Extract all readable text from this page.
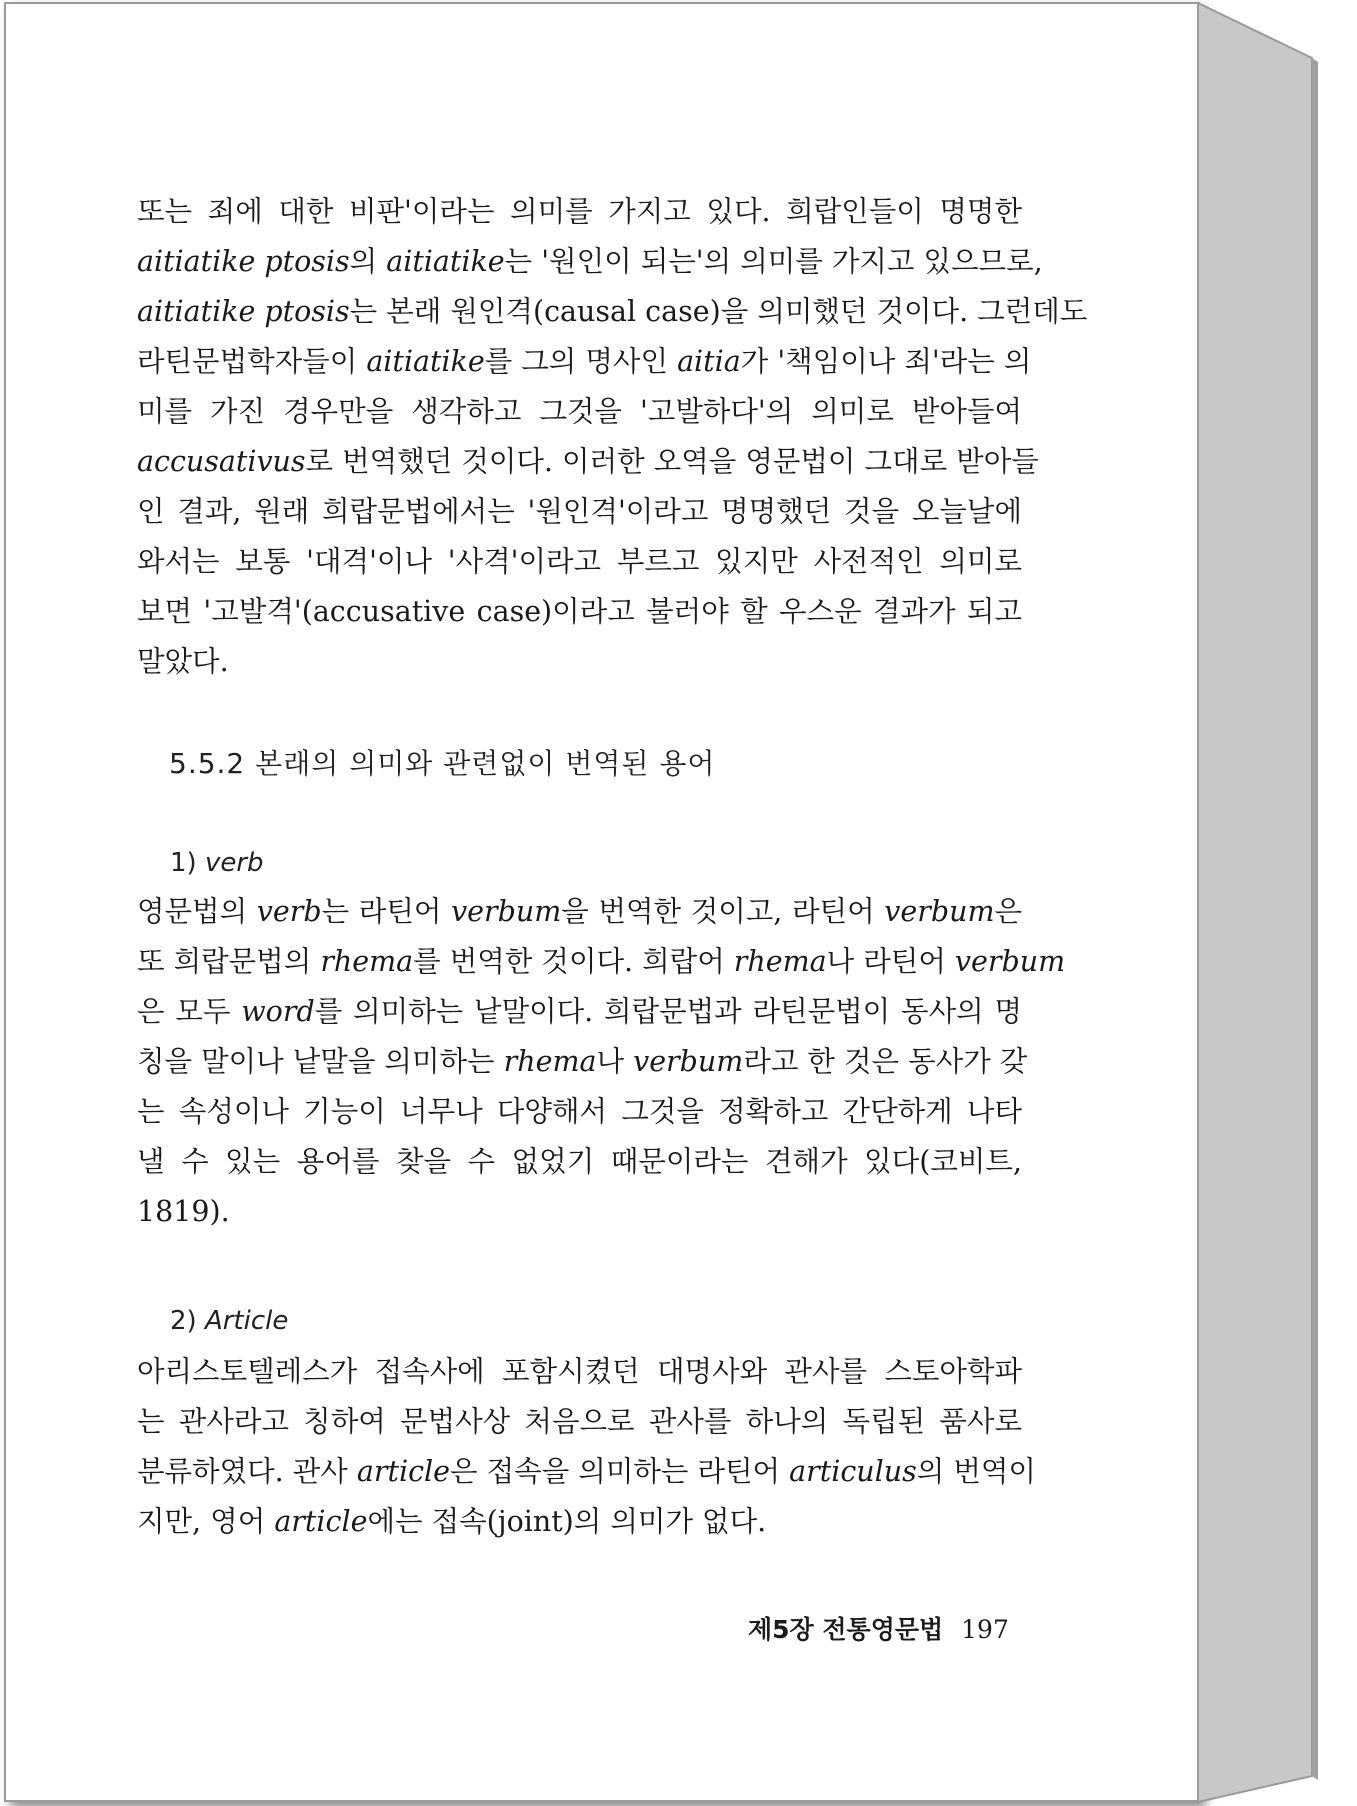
또는 죄에 대한 비판'이라는 의미를 가지고 있다. 희랍인들이 명명한
aitiatike ptosis의 aitiatike는 '원인이 되는'의 의미를 가지고 있으므로,
aitiatike ptosis는 본래 원인격(causal case)을 의미했던 것이다. 그런데도
라틴문법학자들이 aitiatike를 그의 명사인 aitia가 '책임이나 죄'라는 의
미를 가진 경우만을 생각하고 그것을 '고발하다'의 의미로 받아들여
accusativus로 번역했던 것이다. 이러한 오역을 영문법이 그대로 받아들
인 결과, 원래 희랍문법에서는 '원인격'이라고 명명했던 것을 오늘날에
와서는 보통 '대격'이나 '사격'이라고 부르고 있지만 사전적인 의미로
보면 '고발격'(accusative case)이라고 불러야 할 우스운 결과가 되고
말았다.
5.5.2 본래의 의미와 관련없이 번역된 용어
1) verb
영문법의 verb는 라틴어 verbum을 번역한 것이고, 라틴어 verbum은
또 희랍문법의 rhema를 번역한 것이다. 희랍어 rhema나 라틴어 verbum
은 모두 word를 의미하는 낱말이다. 희랍문법과 라틴문법이 동사의 명
칭을 말이나 낱말을 의미하는 rhema나 verbum라고 한 것은 동사가 갖
는 속성이나 기능이 너무나 다양해서 그것을 정확하고 간단하게 나타
낼 수 있는 용어를 찾을 수 없었기 때문이라는 견해가 있다(코비트,
1819).
2) Article
아리스토텔레스가 접속사에 포함시켰던 대명사와 관사를 스토아학파
는 관사라고 칭하여 문법사상 처음으로 관사를 하나의 독립된 품사로
분류하였다. 관사 article은 접속을 의미하는 라틴어 articulus의 번역이
지만, 영어 article에는 접속(joint)의 의미가 없다.
제5장 전통영문법 197
